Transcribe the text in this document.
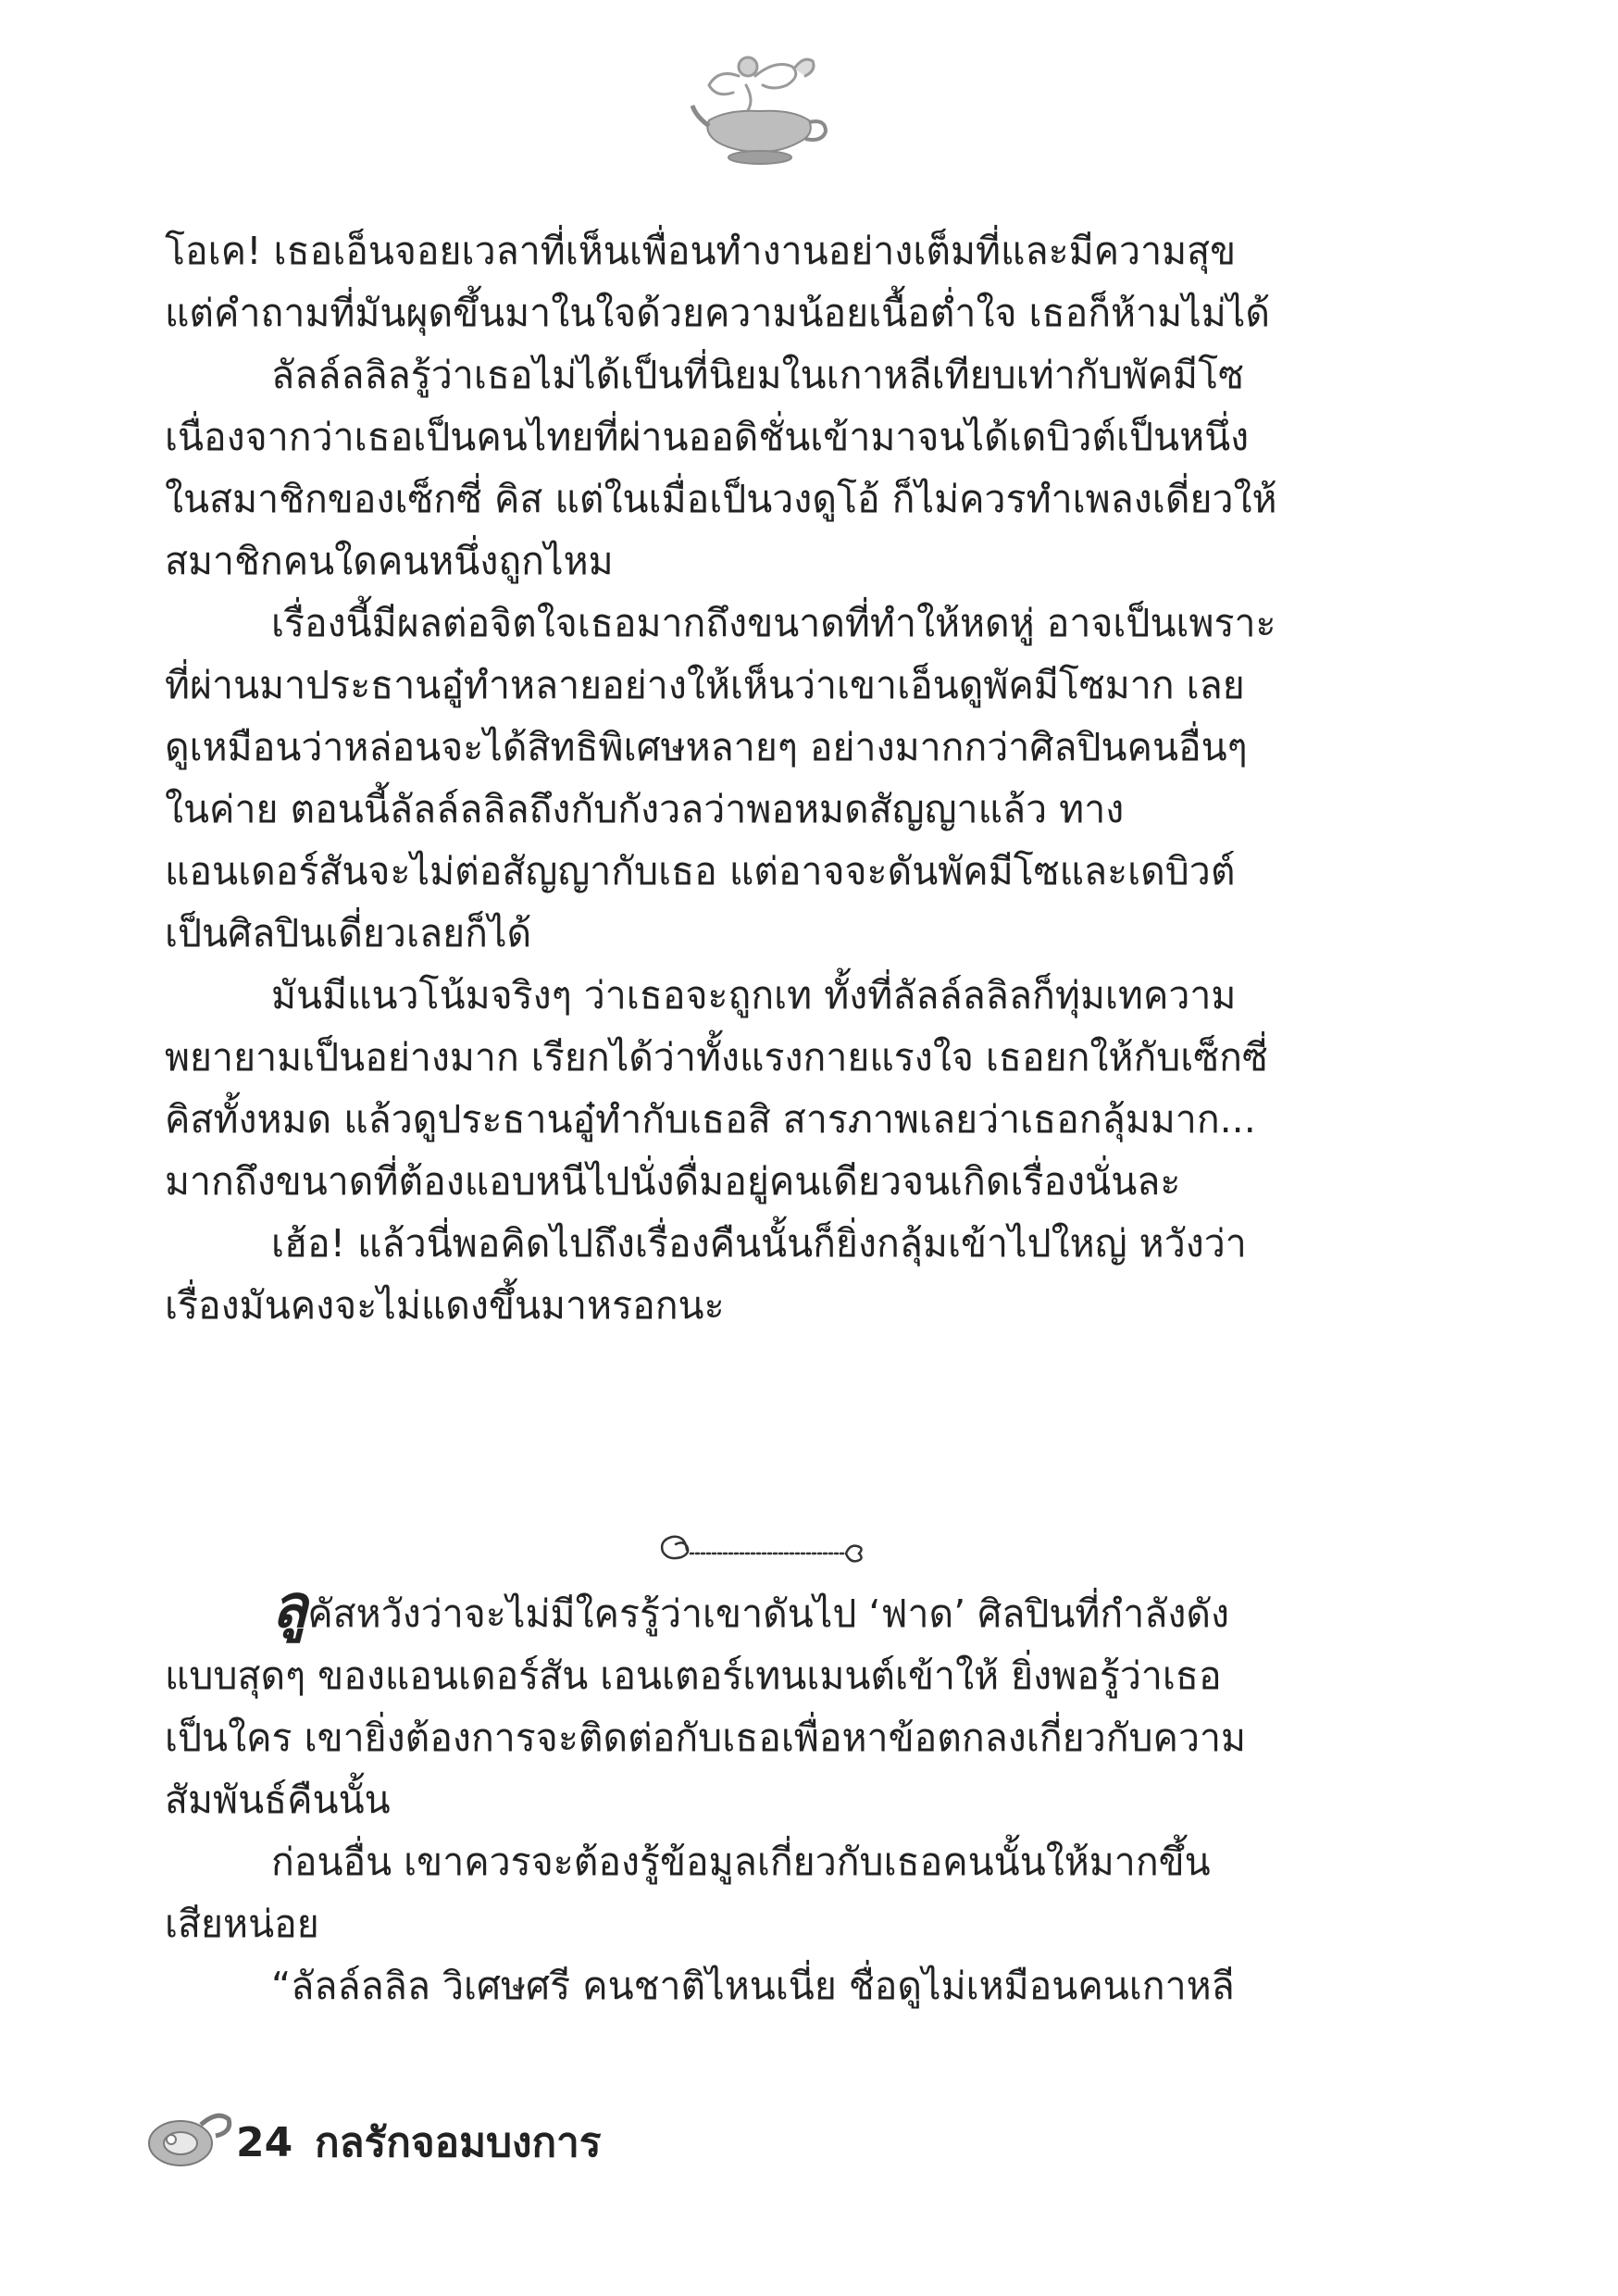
โอเค! เธอเอ็นจอยเวลาที่เห็นเพื่อนทำงานอย่างเต็มที่และมีความสุข

แต่คำถามที่มันผุดขึ้นมาในใจด้วยความน้อยเนื้อต่ำใจ เธอก็ห้ามไม่ได้

ลัลล์ลลิลรู้ว่าเธอไม่ได้เป็นที่นิยมในเกาหลีเทียบเท่ากับพัคมีโซ

เนื่องจากว่าเธอเป็นคนไทยที่ผ่านออดิชั่นเข้ามาจนได้เดบิวต์เป็นหนึ่ง

ในสมาชิกของเซ็กซี่ คิส แต่ในเมื่อเป็นวงดูโอ้ ก็ไม่ควรทำเพลงเดี่ยวให้

สมาชิกคนใดคนหนึ่งถูกไหม

เรื่องนี้มีผลต่อจิตใจเธอมากถึงขนาดที่ทำให้หดหู่ อาจเป็นเพราะ

ที่ผ่านมาประธานอู๋ทำหลายอย่างให้เห็นว่าเขาเอ็นดูพัคมีโซมาก เลย

ดูเหมือนว่าหล่อนจะได้สิทธิพิเศษหลายๆ อย่างมากกว่าศิลปินคนอื่นๆ

ในค่าย ตอนนี้ลัลล์ลลิลถึงกับกังวลว่าพอหมดสัญญาแล้ว ทาง

แอนเดอร์สันจะไม่ต่อสัญญากับเธอ แต่อาจจะดันพัคมีโซและเดบิวต์

เป็นศิลปินเดี่ยวเลยก็ได้

มันมีแนวโน้มจริงๆ ว่าเธอจะถูกเท ทั้งที่ลัลล์ลลิลก็ทุ่มเทความ

พยายามเป็นอย่างมาก เรียกได้ว่าทั้งแรงกายแรงใจ เธอยกให้กับเซ็กซี่

คิสทั้งหมด แล้วดูประธานอู๋ทำกับเธอสิ สารภาพเลยว่าเธอกลุ้มมาก...

มากถึงขนาดที่ต้องแอบหนีไปนั่งดื่มอยู่คนเดียวจนเกิดเรื่องนั่นละ

เฮ้อ! แล้วนี่พอคิดไปถึงเรื่องคืนนั้นก็ยิ่งกลุ้มเข้าไปใหญ่ หวังว่า

เรื่องมันคงจะไม่แดงขึ้นมาหรอกนะ

ลูคัสหวังว่าจะไม่มีใครรู้ว่าเขาดันไป ‘ฟาด’ ศิลปินที่กำลังดัง

แบบสุดๆ ของแอนเดอร์สัน เอนเตอร์เทนเมนต์เข้าให้ ยิ่งพอรู้ว่าเธอ

เป็นใคร เขายิ่งต้องการจะติดต่อกับเธอเพื่อหาข้อตกลงเกี่ยวกับความ

สัมพันธ์คืนนั้น

ก่อนอื่น เขาควรจะต้องรู้ข้อมูลเกี่ยวกับเธอคนนั้นให้มากขึ้น

เสียหน่อย

“ลัลล์ลลิล วิเศษศรี คนชาติไหนเนี่ย ชื่อดูไม่เหมือนคนเกาหลี

24 กลรักจอมบงการ
